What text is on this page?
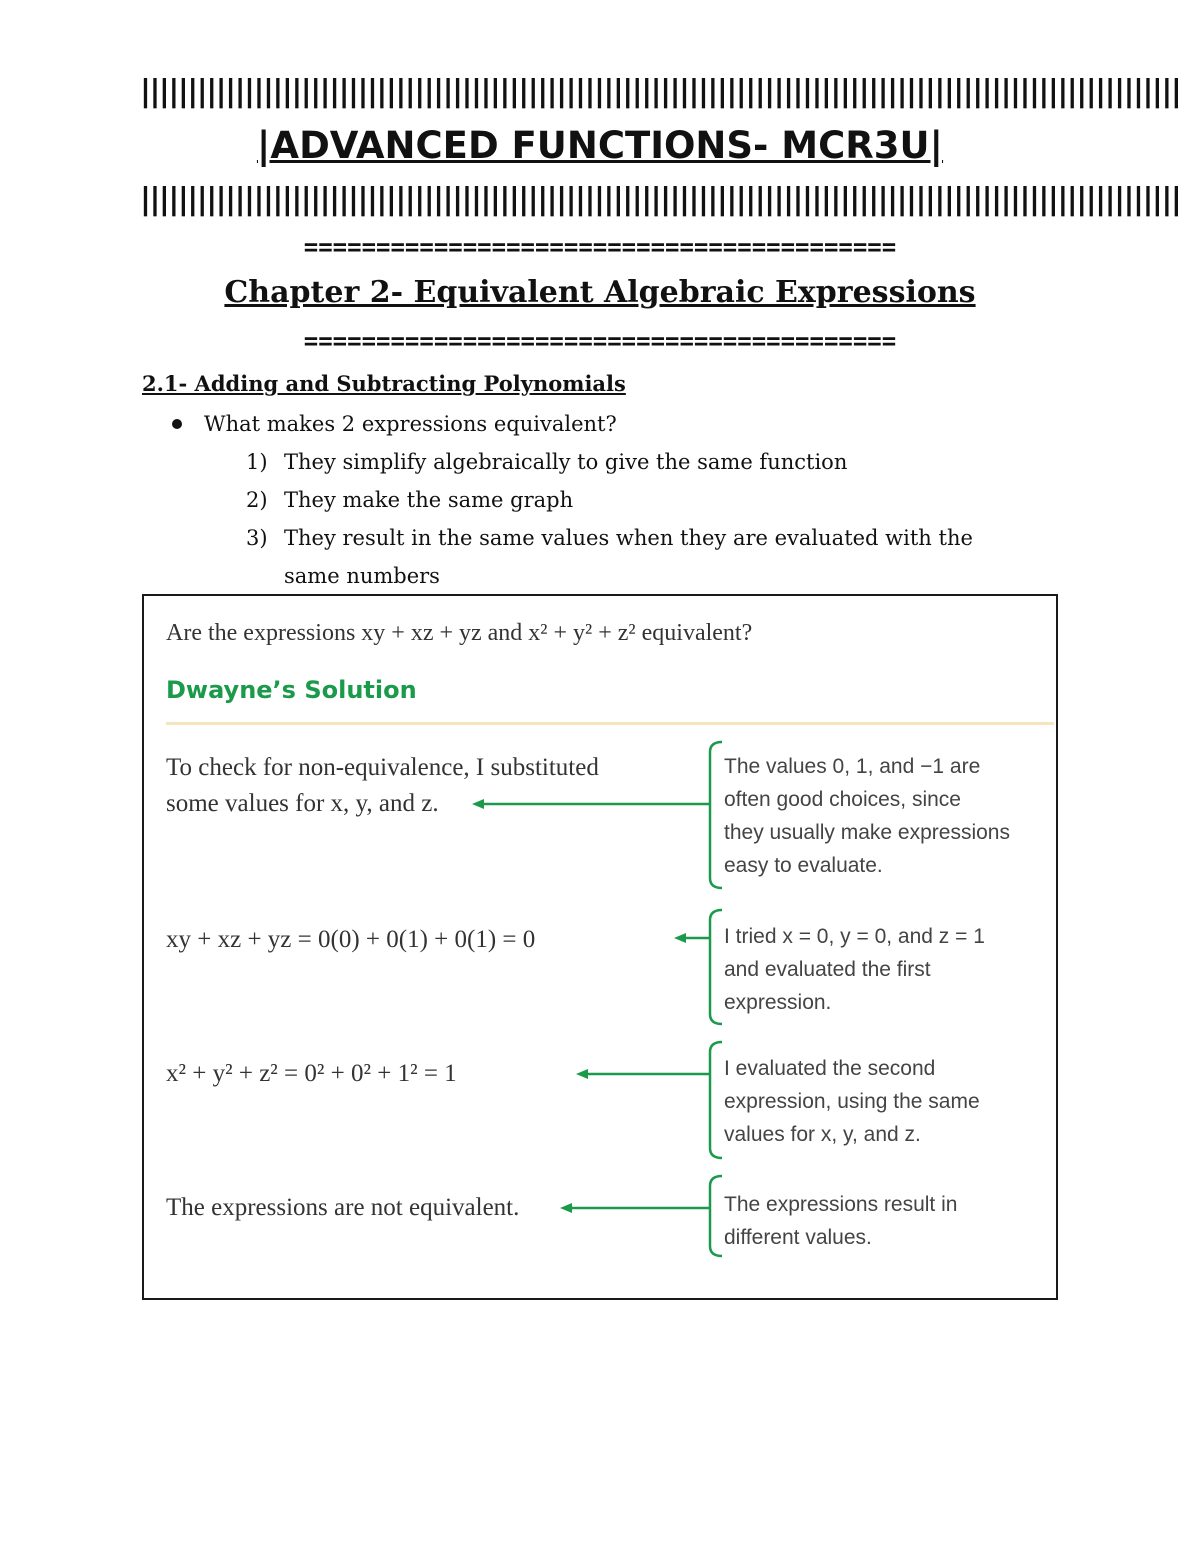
||||||||||||||||||||||||||||||||||||||||||||||||||||||||||||||||||||||||||||||||||||||||||||||||||||||||||||||
|ADVANCED FUNCTIONS- MCR3U|
||||||||||||||||||||||||||||||||||||||||||||||||||||||||||||||||||||||||||||||||||||||||||||||||||||||||||||||
=========================================
Chapter 2- Equivalent Algebraic Expressions
=========================================
2.1- Adding and Subtracting Polynomials
What makes 2 expressions equivalent?
1) They simplify algebraically to give the same function
2) They make the same graph
3) They result in the same values when they are evaluated with the
same numbers
Are the expressions xy + xz + yz and x² + y² + z² equivalent?
Dwayne’s Solution
To check for non-equivalence, I substituted
some values for x, y, and z.
The values 0, 1, and −1 are
often good choices, since
they usually make expressions
easy to evaluate.
xy + xz + yz = 0(0) + 0(1) + 0(1) = 0	I tried x = 0, y = 0, and z = 1
and evaluated the first
expression.
x² + y² + z² = 0² + 0² + 1² = 1	I evaluated the second
expression, using the same
values for x, y, and z.
The expressions are not equivalent.	The expressions result in
different values.
